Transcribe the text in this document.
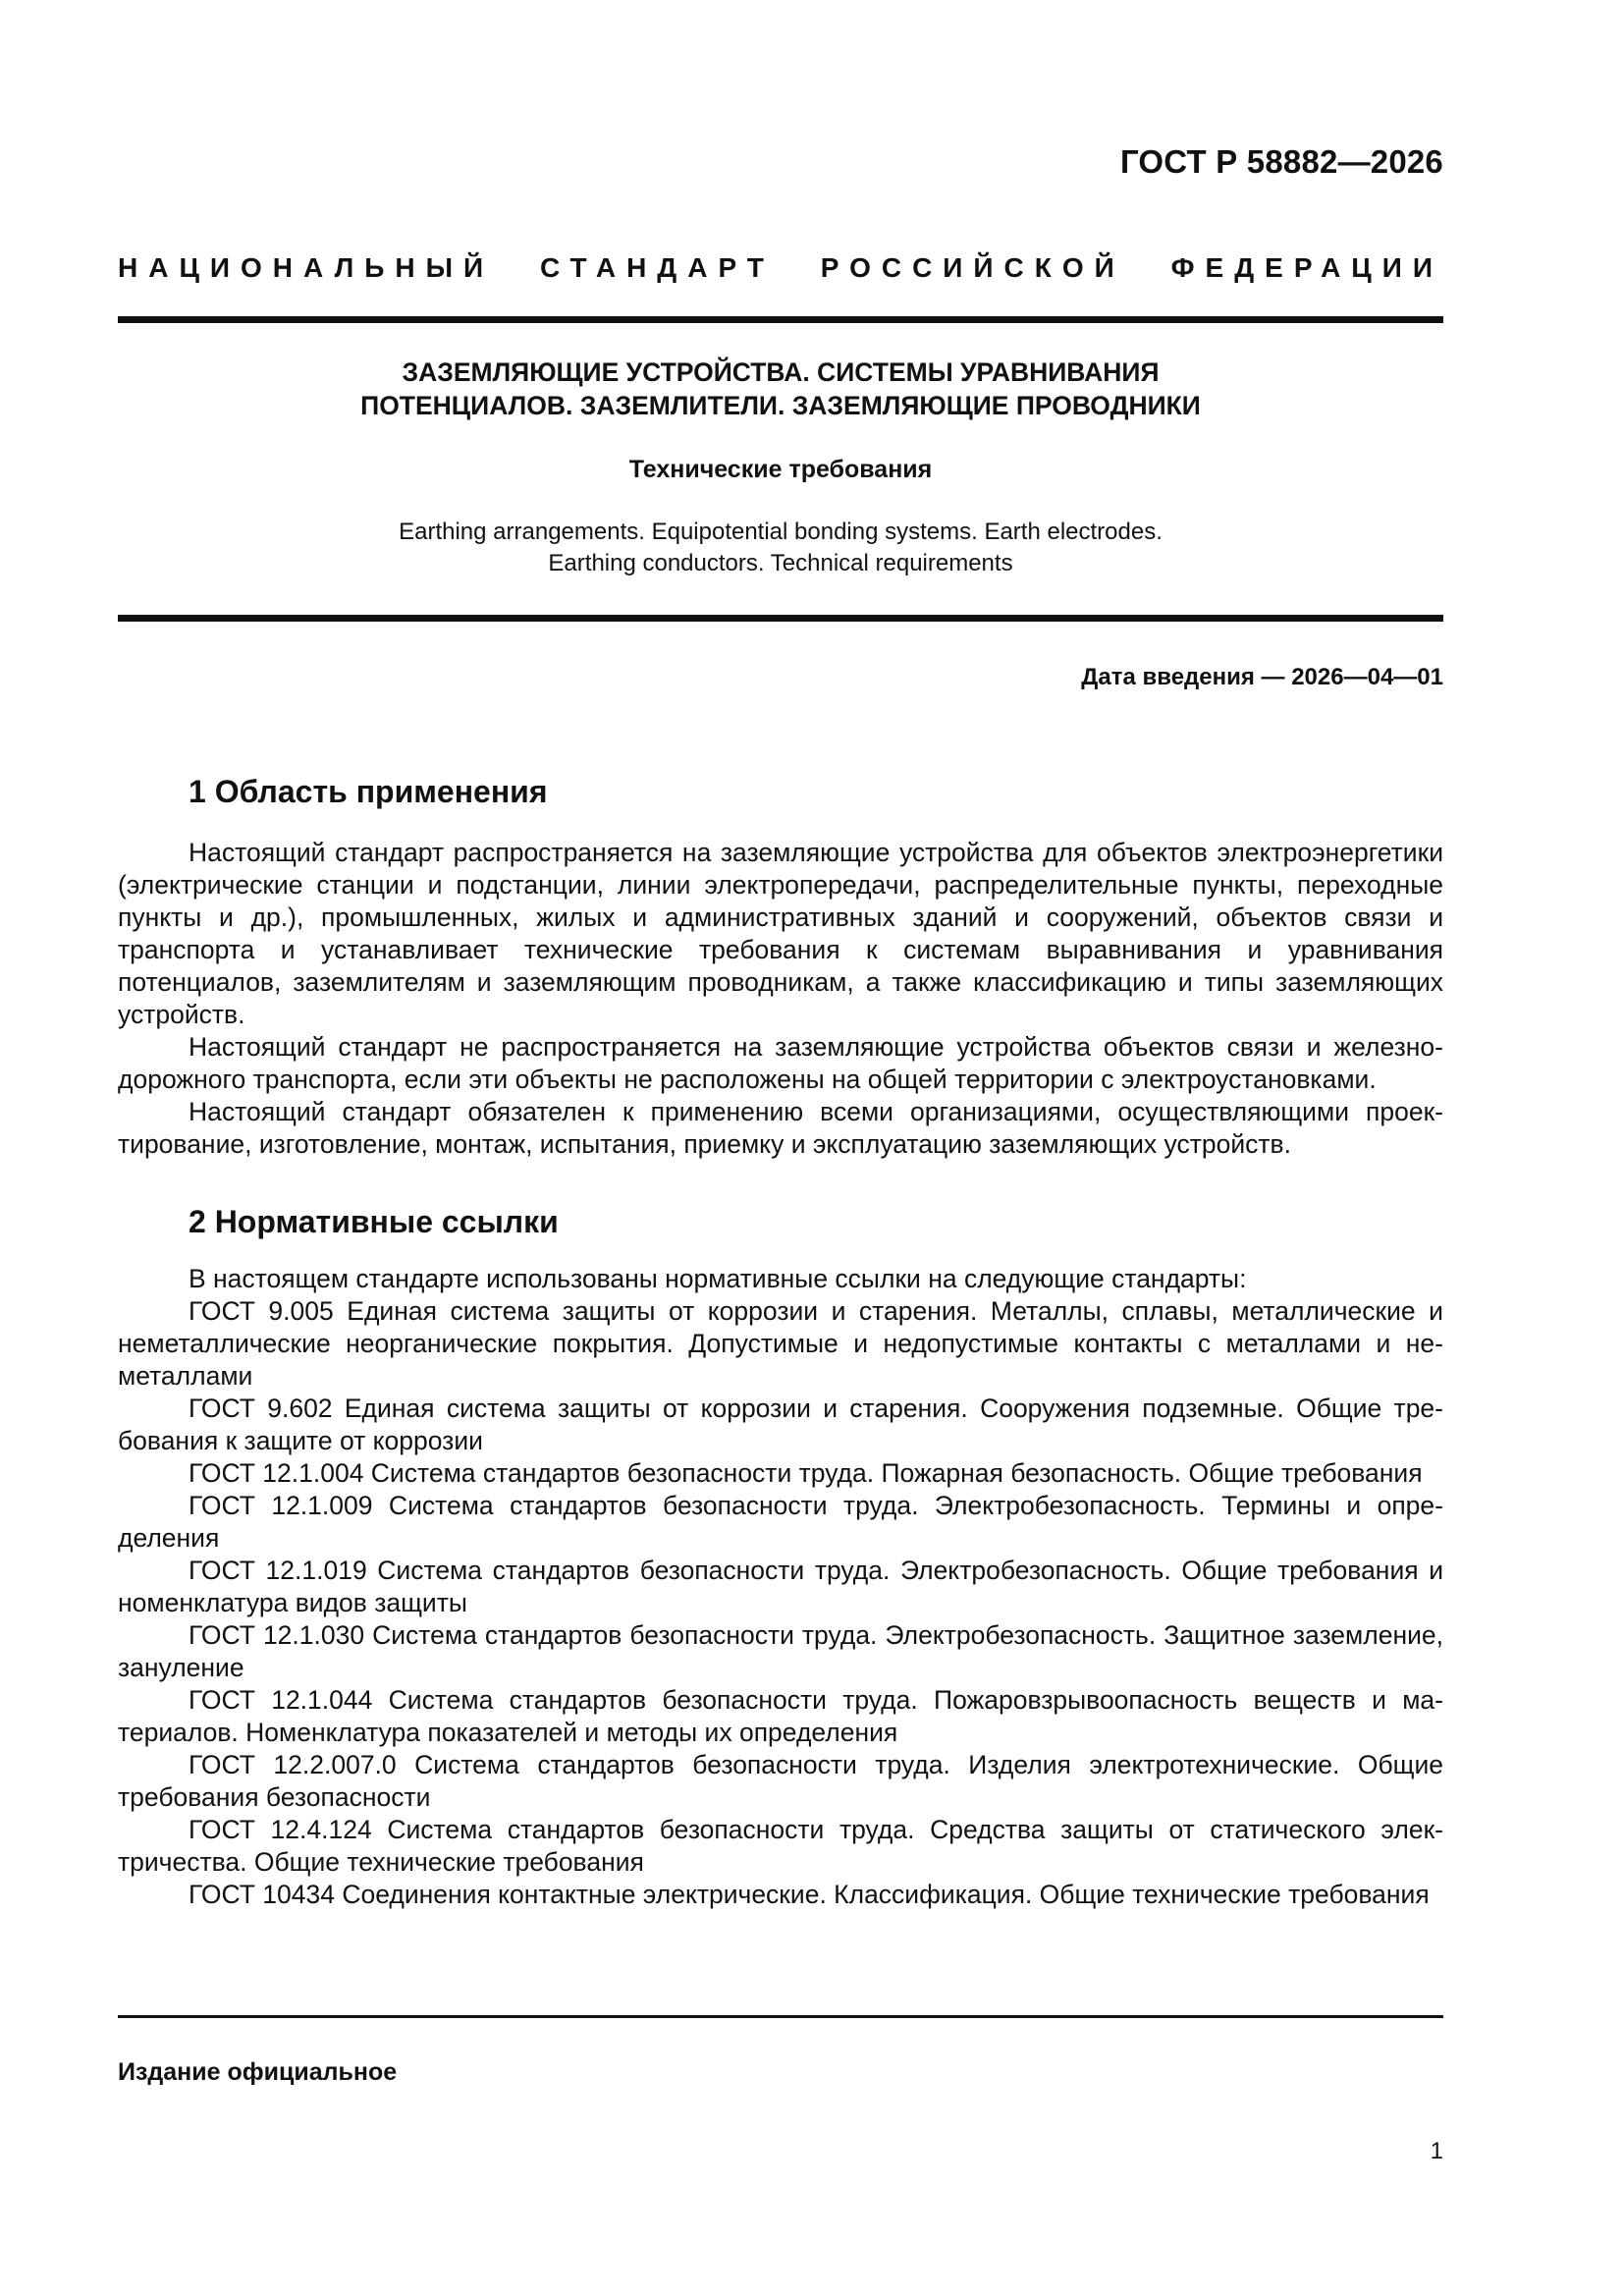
ГОСТ Р 58882—2026
НАЦИОНАЛЬНЫЙ СТАНДАРТ РОССИЙСКОЙ ФЕДЕРАЦИИ
ЗАЗЕМЛЯЮЩИЕ УСТРОЙСТВА. СИСТЕМЫ УРАВНИВАНИЯ
ПОТЕНЦИАЛОВ. ЗАЗЕМЛИТЕЛИ. ЗАЗЕМЛЯЮЩИЕ ПРОВОДНИКИ
Технические требования
Earthing arrangements. Equipotential bonding systems. Earth electrodes.
Earthing conductors. Technical requirements
Дата введения — 2026—04—01
1 Область применения

Настоящий стандарт распространяется на заземляющие устройства для объектов электроэнергетики (электрические станции и подстанции, линии электропередачи, распределительные пункты, переходные пункты и др.), промышленных, жилых и административных зданий и сооружений, объектов связи и транспорта и устанавливает технические требования к системам выравнивания и уравнивания потенциалов, заземлителям и заземляющим проводникам, а также классификацию и типы заземляющих устройств.

Настоящий стандарт не распространяется на заземляющие устройства объектов связи и железнодорожного транспорта, если эти объекты не расположены на общей территории с электроустановками.

Настоящий стандарт обязателен к применению всеми организациями, осуществляющими проектирование, изготовление, монтаж, испытания, приемку и эксплуатацию заземляющих устройств.

2 Нормативные ссылки

В настоящем стандарте использованы нормативные ссылки на следующие стандарты:

ГОСТ 9.005 Единая система защиты от коррозии и старения. Металлы, сплавы, металлические и неметаллические неорганические покрытия. Допустимые и недопустимые контакты с металлами и неметаллами

ГОСТ 9.602 Единая система защиты от коррозии и старения. Сооружения подземные. Общие требования к защите от коррозии

ГОСТ 12.1.004 Система стандартов безопасности труда. Пожарная безопасность. Общие требования

ГОСТ 12.1.009 Система стандартов безопасности труда. Электробезопасность. Термины и определения

ГОСТ 12.1.019 Система стандартов безопасности труда. Электробезопасность. Общие требования и номенклатура видов защиты

ГОСТ 12.1.030 Система стандартов безопасности труда. Электробезопасность. Защитное заземление, зануление

ГОСТ 12.1.044 Система стандартов безопасности труда. Пожаровзрывоопасность веществ и материалов. Номенклатура показателей и методы их определения

ГОСТ 12.2.007.0 Система стандартов безопасности труда. Изделия электротехнические. Общие требования безопасности

ГОСТ 12.4.124 Система стандартов безопасности труда. Средства защиты от статического электричества. Общие технические требования

ГОСТ 10434 Соединения контактные электрические. Классификация. Общие технические требования

Издание официальное
1
